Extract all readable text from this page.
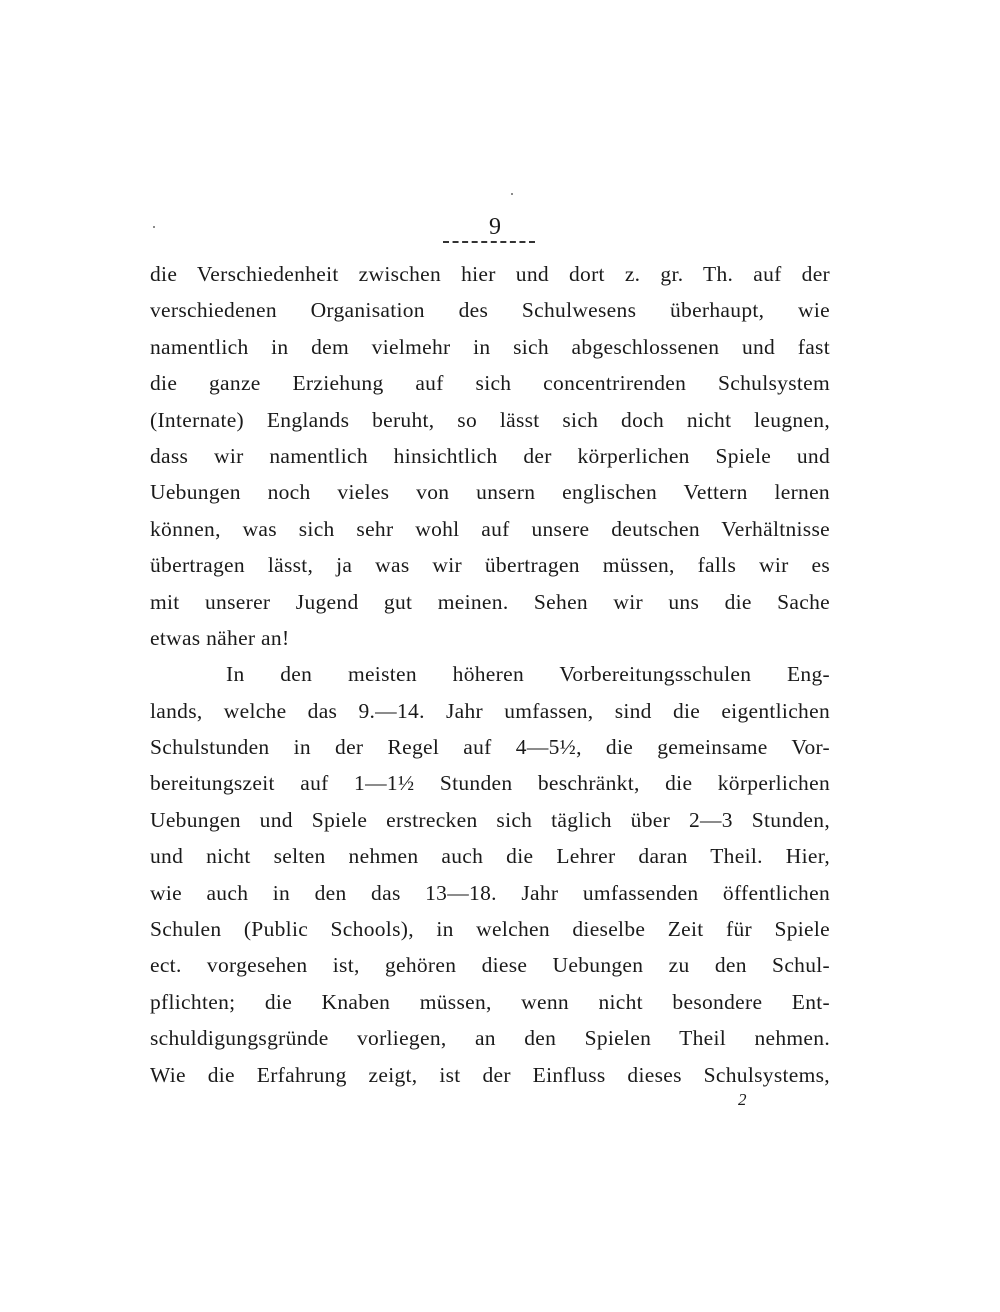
9
die Verschiedenheit zwischen hier und dort z. gr. Th. auf der
verschiedenen Organisation des Schulwesens überhaupt, wie
namentlich in dem vielmehr in sich abgeschlossenen und fast
die ganze Erziehung auf sich concentrirenden Schulsystem
(Internate) Englands beruht, so lässt sich doch nicht leugnen,
dass wir namentlich hinsichtlich der körperlichen Spiele und
Uebungen noch vieles von unsern englischen Vettern lernen
können, was sich sehr wohl auf unsere deutschen Verhältnisse
übertragen lässt, ja was wir übertragen müssen, falls wir es
mit unserer Jugend gut meinen. Sehen wir uns die Sache
etwas näher an!
In den meisten höheren Vorbereitungsschulen Eng-
lands, welche das 9.—14. Jahr umfassen, sind die eigentlichen
Schulstunden in der Regel auf 4—5½, die gemeinsame Vor-
bereitungszeit auf 1—1½ Stunden beschränkt, die körperlichen
Uebungen und Spiele erstrecken sich täglich über 2—3 Stunden,
und nicht selten nehmen auch die Lehrer daran Theil. Hier,
wie auch in den das 13—18. Jahr umfassenden öffentlichen
Schulen (Public Schools), in welchen dieselbe Zeit für Spiele
ect. vorgesehen ist, gehören diese Uebungen zu den Schul-
pflichten; die Knaben müssen, wenn nicht besondere Ent-
schuldigungsgründe vorliegen, an den Spielen Theil nehmen.
Wie die Erfahrung zeigt, ist der Einfluss dieses Schulsystems,
2
